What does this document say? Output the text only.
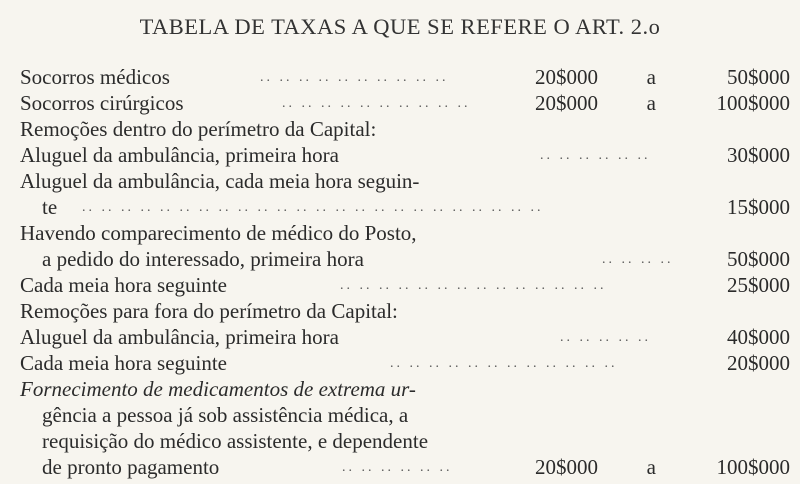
TABELA DE TAXAS A QUE SE REFERE O ART. 2.o
.. .. .. .. .. .. .. .. .. ..
Socorros médicos	20$000 a	50$000
.. .. .. .. .. .. .. .. .. ..
Socorros cirúrgicos	20$000 a	100$000
Remoções dentro do perímetro da Capital:
.. .. .. .. .. ..
Aluguel da ambulância, primeira hora	30$000
Aluguel da ambulância, cada meia hora seguin-
.. .. .. .. .. .. .. .. .. .. .. .. .. .. .. .. .. .. .. .. .. .. .. ..
te	15$000
Havendo comparecimento de médico do Posto,
.. .. .. ..
a pedido do interessado, primeira hora	50$000
.. .. .. .. .. .. .. .. .. .. .. .. .. ..
Cada meia hora seguinte	25$000
Remoções para fora do perímetro da Capital:
.. .. .. .. ..
Aluguel da ambulância, primeira hora	40$000
.. .. .. .. .. .. .. .. .. .. .. ..
Cada meia hora seguinte	20$000
Fornecimento de medicamentos de extrema ur-
gência a pessoa já sob assistência médica, a
requisição do médico assistente, e dependente
.. .. .. .. .. ..
de pronto pagamento	20$000 a	100$000
